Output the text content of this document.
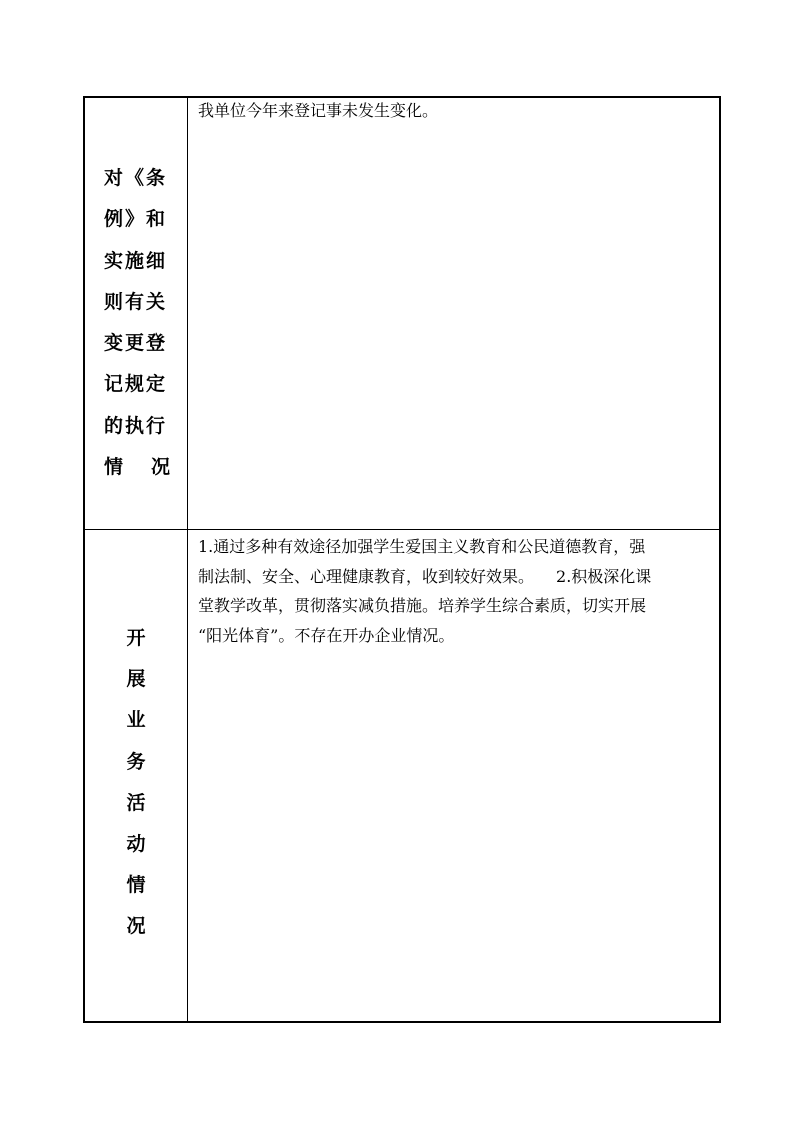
对《条
例》和
实施细
则有关
变更登
记规定
的执行
情 况
我单位今年来登记事未发生变化。
开
展
业
务
活
动
情
况
1.通过多种有效途径加强学生爱国主义教育和公民道德教育，强
制法制、安全、心理健康教育，收到较好效果。 2.积极深化课
堂教学改革，贯彻落实减负措施。培养学生综合素质，切实开展
“阳光体育”。不存在开办企业情况。
